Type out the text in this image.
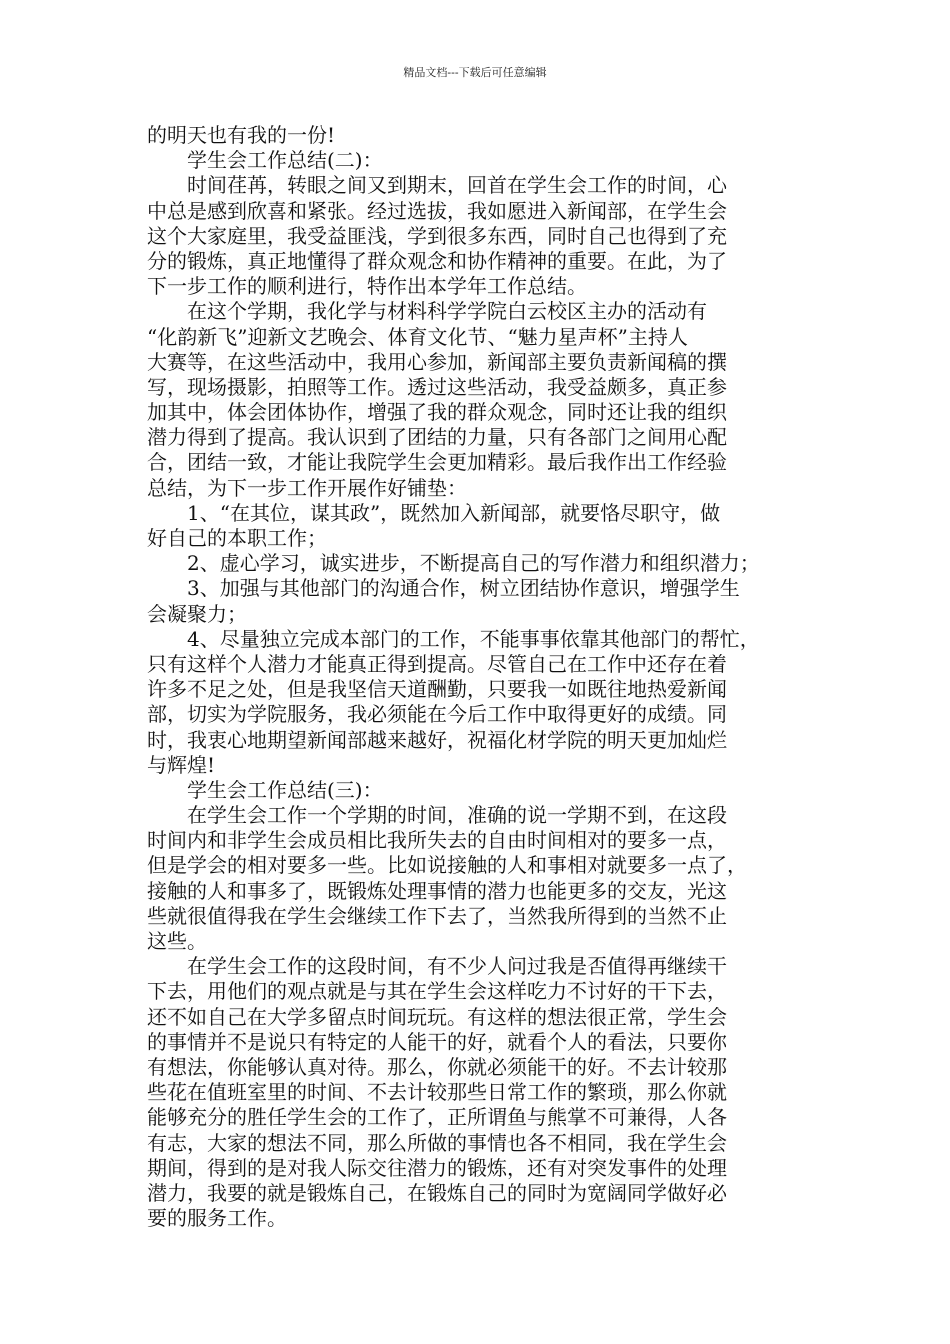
精品文档---下载后可任意编辑
的明天也有我的一份!
学生会工作总结(二)：
时间荏苒，转眼之间又到期末，回首在学生会工作的时间，心
中总是感到欣喜和紧张。经过选拔，我如愿进入新闻部，在学生会
这个大家庭里，我受益匪浅，学到很多东西，同时自己也得到了充
分的锻炼，真正地懂得了群众观念和协作精神的重要。在此，为了
下一步工作的顺利进行，特作出本学年工作总结。
在这个学期，我化学与材料科学学院白云校区主办的活动有
“化韵新飞”迎新文艺晚会、体育文化节、“魅力星声杯”主持人
大赛等，在这些活动中，我用心参加，新闻部主要负责新闻稿的撰
写，现场摄影，拍照等工作。透过这些活动，我受益颇多，真正参
加其中，体会团体协作，增强了我的群众观念，同时还让我的组织
潜力得到了提高。我认识到了团结的力量，只有各部门之间用心配
合，团结一致，才能让我院学生会更加精彩。最后我作出工作经验
总结，为下一步工作开展作好铺垫：
1、“在其位，谋其政”，既然加入新闻部，就要恪尽职守，做
好自己的本职工作；
2、虚心学习，诚实进步，不断提高自己的写作潜力和组织潜力；
3、加强与其他部门的沟通合作，树立团结协作意识，增强学生
会凝聚力；
4、尽量独立完成本部门的工作，不能事事依靠其他部门的帮忙，
只有这样个人潜力才能真正得到提高。尽管自己在工作中还存在着
许多不足之处，但是我坚信天道酬勤，只要我一如既往地热爱新闻
部，切实为学院服务，我必须能在今后工作中取得更好的成绩。同
时，我衷心地期望新闻部越来越好，祝福化材学院的明天更加灿烂
与辉煌!
学生会工作总结(三)：
在学生会工作一个学期的时间，准确的说一学期不到，在这段
时间内和非学生会成员相比我所失去的自由时间相对的要多一点，
但是学会的相对要多一些。比如说接触的人和事相对就要多一点了，
接触的人和事多了，既锻炼处理事情的潜力也能更多的交友，光这
些就很值得我在学生会继续工作下去了，当然我所得到的当然不止
这些。
在学生会工作的这段时间，有不少人问过我是否值得再继续干
下去，用他们的观点就是与其在学生会这样吃力不讨好的干下去，
还不如自己在大学多留点时间玩玩。有这样的想法很正常，学生会
的事情并不是说只有特定的人能干的好，就看个人的看法，只要你
有想法，你能够认真对待。那么，你就必须能干的好。不去计较那
些花在值班室里的时间、不去计较那些日常工作的繁琐，那么你就
能够充分的胜任学生会的工作了，正所谓鱼与熊掌不可兼得，人各
有志，大家的想法不同，那么所做的事情也各不相同，我在学生会
期间，得到的是对我人际交往潜力的锻炼，还有对突发事件的处理
潜力，我要的就是锻炼自己，在锻炼自己的同时为宽阔同学做好必
要的服务工作。
